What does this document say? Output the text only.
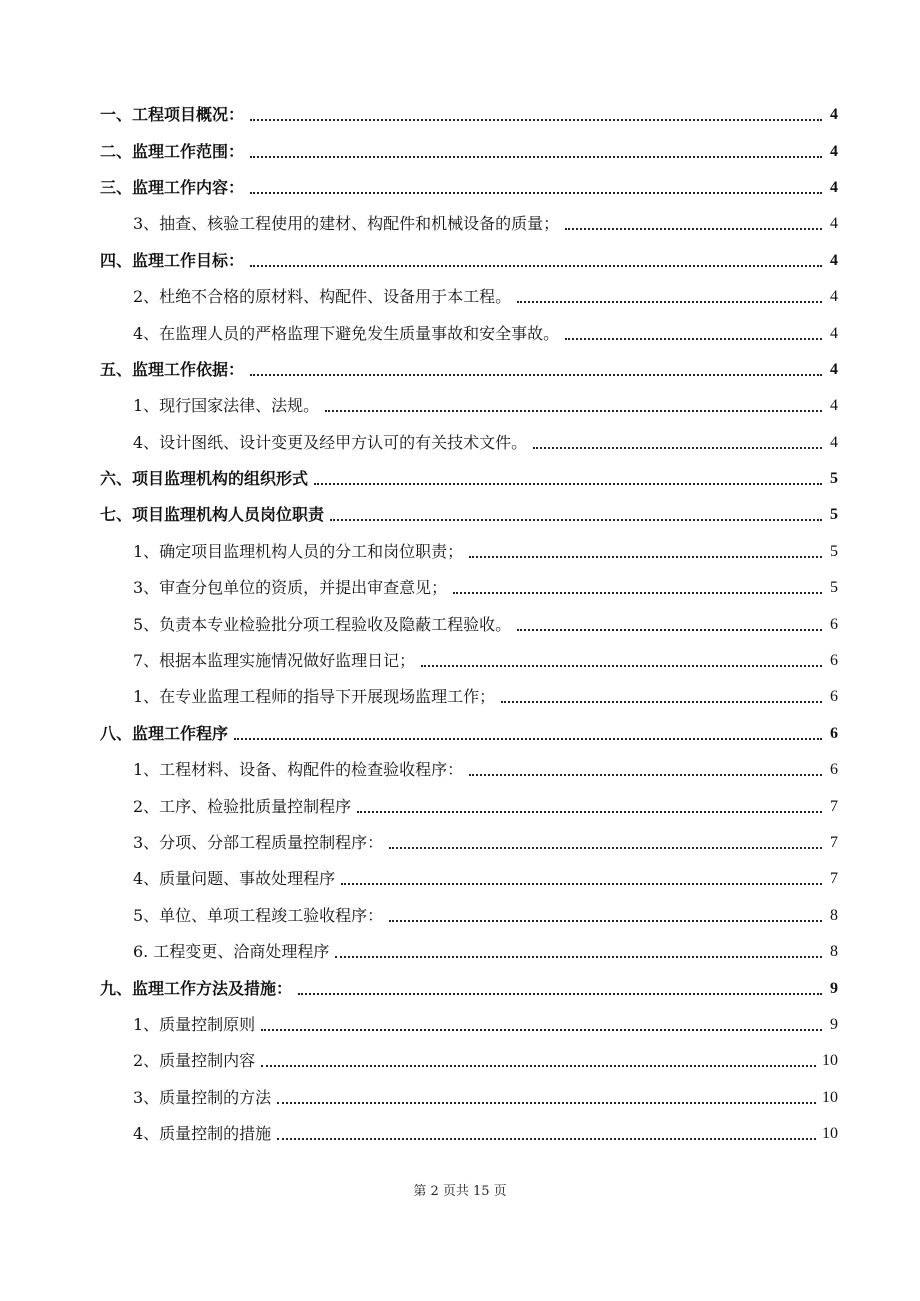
一、工程项目概况：	4
二、监理工作范围：	4
三、监理工作内容：	4
3、抽查、核验工程使用的建材、构配件和机械设备的质量；	4
四、监理工作目标：	4
2、杜绝不合格的原材料、构配件、设备用于本工程。	4
4、在监理人员的严格监理下避免发生质量事故和安全事故。	4
五、监理工作依据：	4
1、现行国家法律、法规。	4
4、设计图纸、设计变更及经甲方认可的有关技术文件。	4
六、项目监理机构的组织形式	5
七、项目监理机构人员岗位职责	5
1、确定项目监理机构人员的分工和岗位职责；	5
3、审查分包单位的资质，并提出审查意见；	5
5、负责本专业检验批分项工程验收及隐蔽工程验收。	6
7、根据本监理实施情况做好监理日记；	6
1、在专业监理工程师的指导下开展现场监理工作；	6
八、监理工作程序	6
1、工程材料、设备、构配件的检查验收程序：	6
2、工序、检验批质量控制程序	7
3、分项、分部工程质量控制程序：	7
4、质量问题、事故处理程序	7
5、单位、单项工程竣工验收程序：	8
6. 工程变更、洽商处理程序	8
九、监理工作方法及措施：	9
1、质量控制原则	9
2、质量控制内容	10
3、质量控制的方法	10
4、质量控制的措施	10
第 2 页共 15 页
